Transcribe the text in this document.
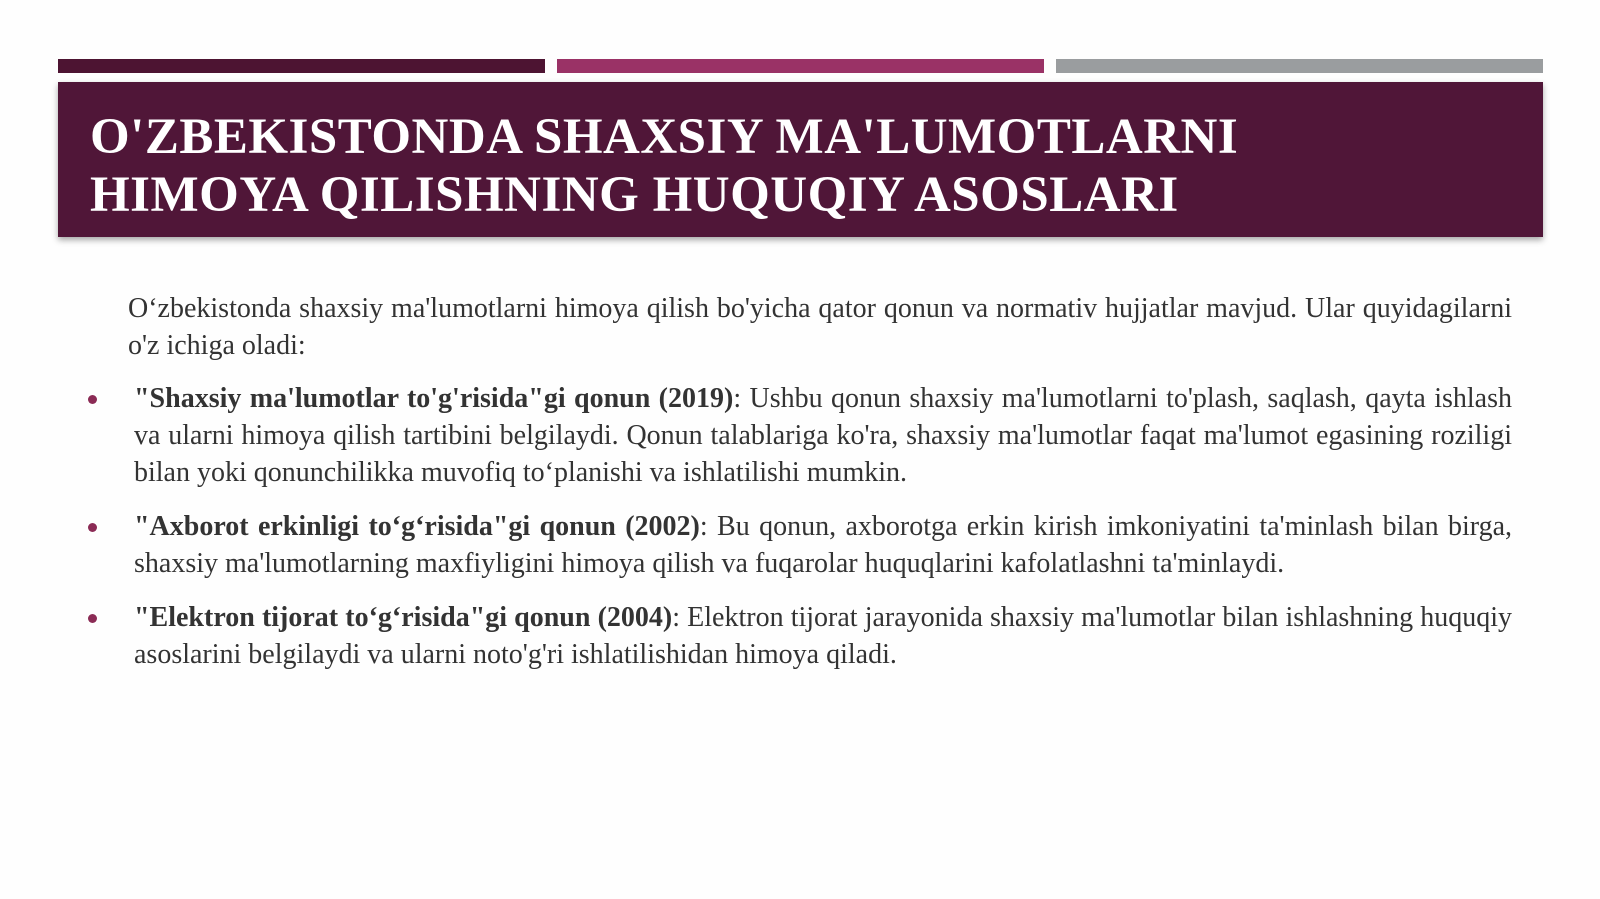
O'ZBEKISTONDA SHAXSIY MA'LUMOTLARNI
HIMOYA QILISHNING HUQUQIY ASOSLARI

O‘zbekistonda shaxsiy ma'lumotlarni himoya qilish bo'yicha qator qonun va normativ hujjatlar mavjud. Ular quyidagilarni o'z ichiga oladi:

"Shaxsiy ma'lumotlar to'g'risida"gi qonun (2019): Ushbu qonun shaxsiy ma'lumotlarni to'plash, saqlash, qayta ishlash va ularni himoya qilish tartibini belgilaydi. Qonun talablariga ko'ra, shaxsiy ma'lumotlar faqat ma'lumot egasining roziligi bilan yoki qonunchilikka muvofiq to‘planishi va ishlatilishi mumkin.
"Axborot erkinligi to‘g‘risida"gi qonun (2002): Bu qonun, axborotga erkin kirish imkoniyatini ta'minlash bilan birga, shaxsiy ma'lumotlarning maxfiyligini himoya qilish va fuqarolar huquqlarini kafolatlashni ta'minlaydi.
"Elektron tijorat to‘g‘risida"gi qonun (2004): Elektron tijorat jarayonida shaxsiy ma'lumotlar bilan ishlashning huquqiy asoslarini belgilaydi va ularni noto'g'ri ishlatilishidan himoya qiladi.
